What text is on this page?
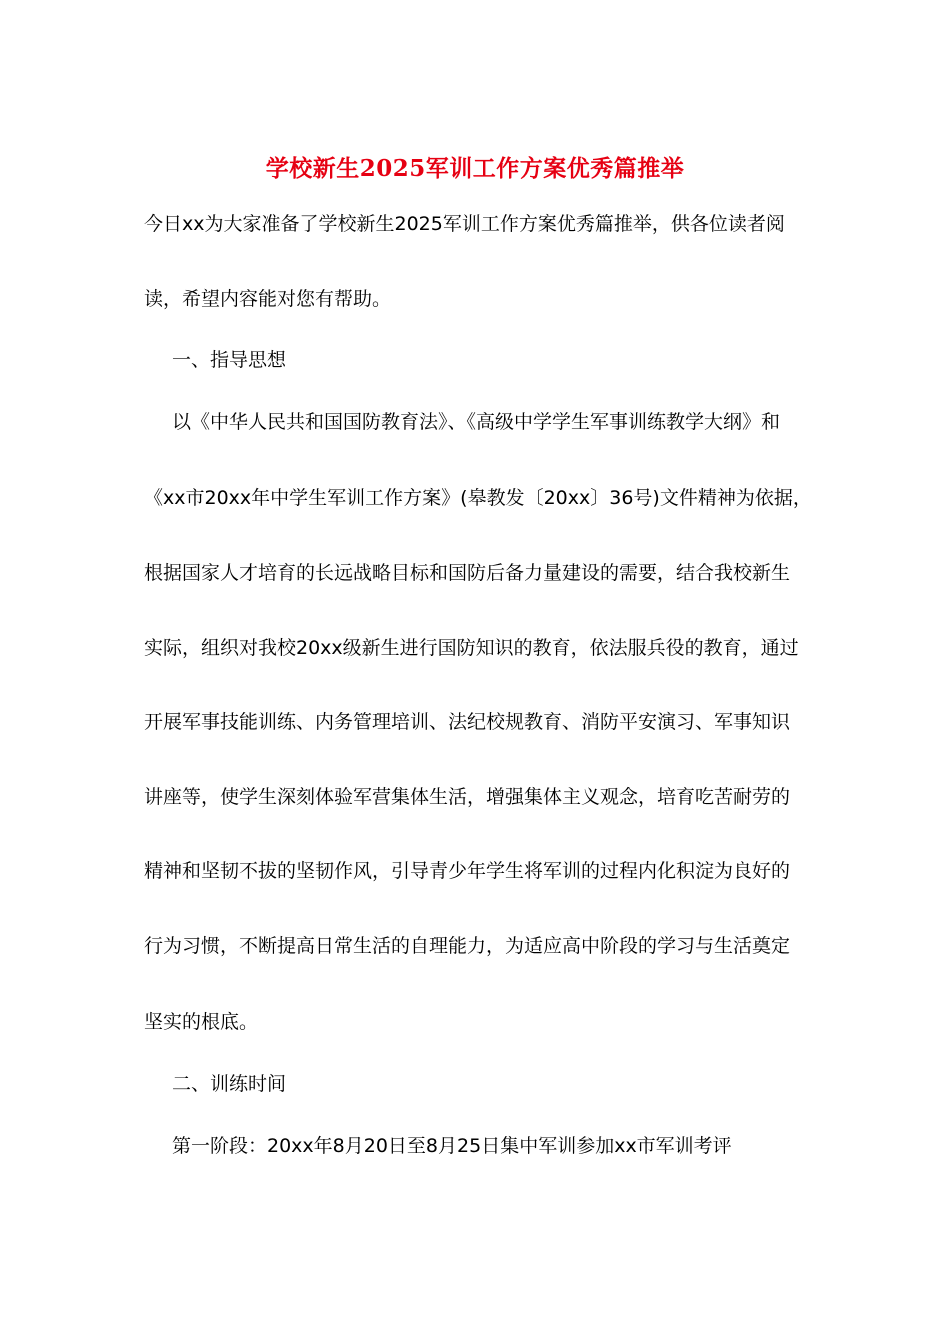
学校新生2025军训工作方案优秀篇推举
今日xx为大家准备了学校新生2025军训工作方案优秀篇推举，供各位读者阅
读，希望内容能对您有帮助。
一、指导思想
以《中华人民共和国国防教育法》、《高级中学学生军事训练教学大纲》和
《xx市20xx年中学生军训工作方案》(皋教发〔20xx〕36号)文件精神为依据，
根据国家人才培育的长远战略目标和国防后备力量建设的需要，结合我校新生
实际，组织对我校20xx级新生进行国防知识的教育，依法服兵役的教育，通过
开展军事技能训练、内务管理培训、法纪校规教育、消防平安演习、军事知识
讲座等，使学生深刻体验军营集体生活，增强集体主义观念，培育吃苦耐劳的
精神和坚韧不拔的坚韧作风，引导青少年学生将军训的过程内化积淀为良好的
行为习惯，不断提高日常生活的自理能力，为适应高中阶段的学习与生活奠定
坚实的根底。
二、训练时间
第一阶段：20xx年8月20日至8月25日集中军训参加xx市军训考评
